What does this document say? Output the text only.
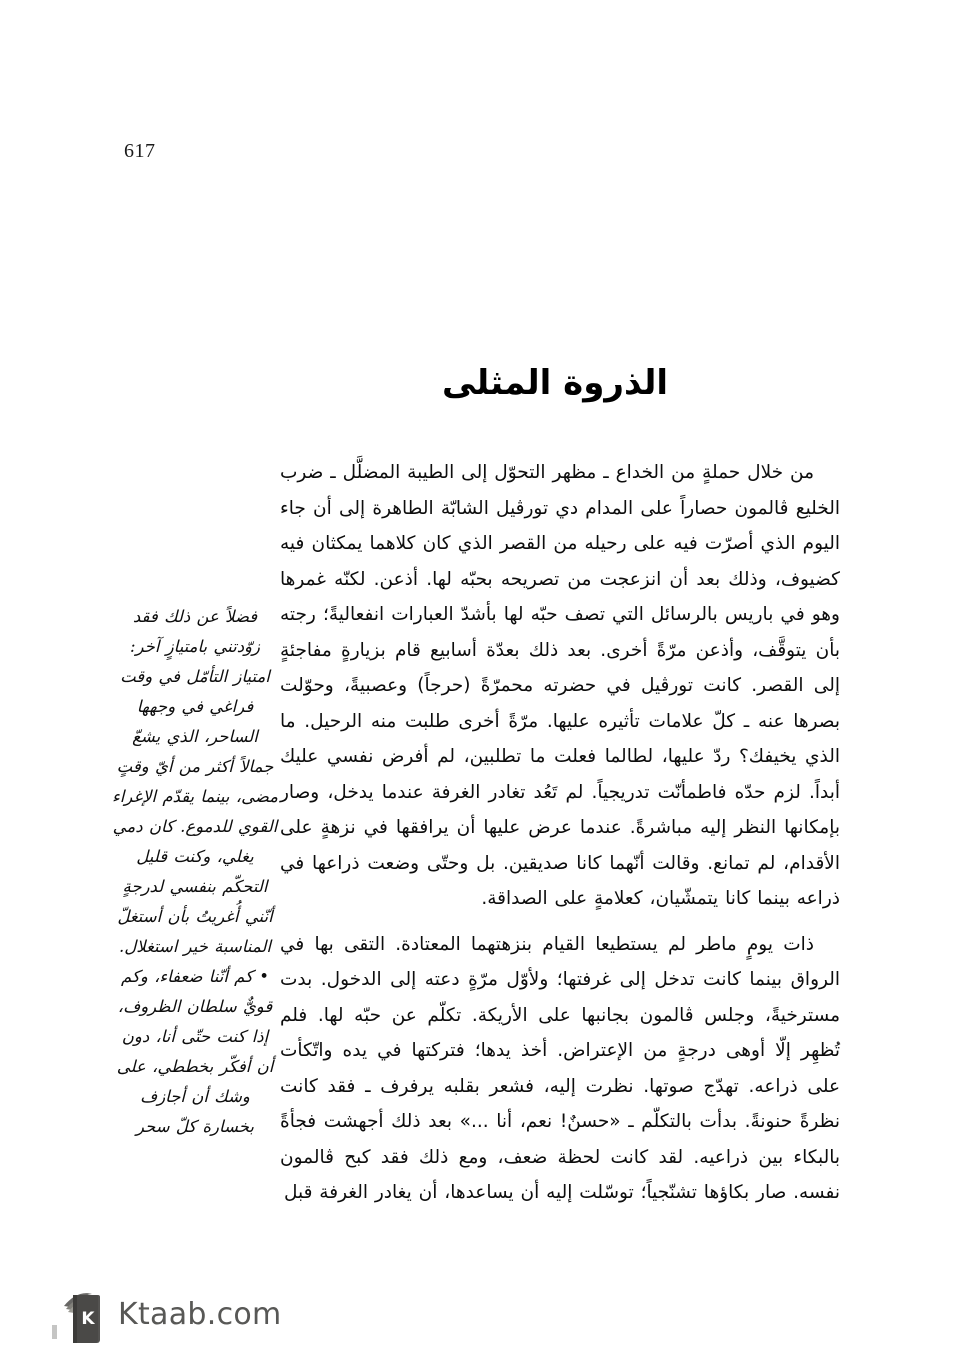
617
الذروة المثلى

من خلال حملةٍ من الخداع ـ مظهر التحوّل إلى الطيبة المضلَّل ـ ضرب الخليع ڤالمون حصاراً على المدام دي تورڤيل الشابّة الطاهرة إلى أن جاء اليوم الذي أصرّت فيه على رحيله من القصر الذي كان كلاهما يمكثان فيه كضيوف، وذلك بعد أن انزعجت من تصريحه بحبّه لها. أذعن. لكنّه غمرها وهو في باريس بالرسائل التي تصف حبّه لها بأشدّ العبارات انفعاليةً؛ رجته بأن يتوقَّف، وأذعن مرّةً أخرى. بعد ذلك بعدّة أسابيع قام بزيارةٍ مفاجئةٍ إلى القصر. كانت تورڤيل في حضرته محمرّةً (حرجاً) وعصبيةً، وحوّلت بصرها عنه ـ كلّ علامات تأثيره عليها. مرّةً أخرى طلبت منه الرحيل. ما الذي يخيفك؟ ردّ عليها، لطالما فعلت ما تطلبين، لم أفرض نفسي عليك أبداً. لزم حدّه فاطمأنّت تدريجياً. لم تَعُد تغادر الغرفة عندما يدخل، وصار بإمكانها النظر إليه مباشرةً. عندما عرض عليها أن يرافقها في نزهةٍ على الأقدام، لم تمانع. وقالت أنّهما كانا صديقين. بل وحتّى وضعت ذراعها في ذراعه بينما كانا يتمشّيان، كعلامةٍ على الصداقة.

ذات يومٍ ماطر لم يستطيعا القيام بنزهتهما المعتادة. التقى بها في الرواق بينما كانت تدخل إلى غرفتها؛ ولأوّل مرّةٍ دعته إلى الدخول. بدت مسترخيةً، وجلس ڤالمون بجانبها على الأريكة. تكلّم عن حبّه لها. فلم تُظهِر إلّا أوهى درجةٍ من الإعتراض. أخذ يدها؛ فتركتها في يده واتّكأت على ذراعه. تهدّج صوتها. نظرت إليه، فشعر بقلبه يرفرف ـ فقد كانت نظرةً حنونةً. بدأت بالتكلّم ـ «حسنٌ! نعم، أنا ...» بعد ذلك أجهشت فجأةً بالبكاء بين ذراعيه. لقد كانت لحظة ضعف، ومع ذلك فقد كبح ڤالمون نفسه. صار بكاؤها تشنّجياً؛ توسّلت إليه أن يساعدها، أن يغادر الغرفة قبل

فضلاً عن ذلك فقد زوّدتني بامتيازٍ آخر: امتياز التأمّل في وقت فراغي في وجهها الساحر، الذي يشعّ جمالاً أكثر من أيّ وقتٍ مضى، بينما يقدّم الإغراء القوي للدموع. كان دمي يغلي، وكنت قليل التحكّم بنفسي لدرجةٍ أنّني أُغريتُ بأن أستغلّ المناسبة خير استغلال. • كم أنّنا ضعفاء، وكم قويٌّ سلطان الظروف، إذا كنت حتّى أنا، دون أن أفكّر بخططي، على وشك أن أجازف بخسارة كلّ سحر

K Ktaab.com
